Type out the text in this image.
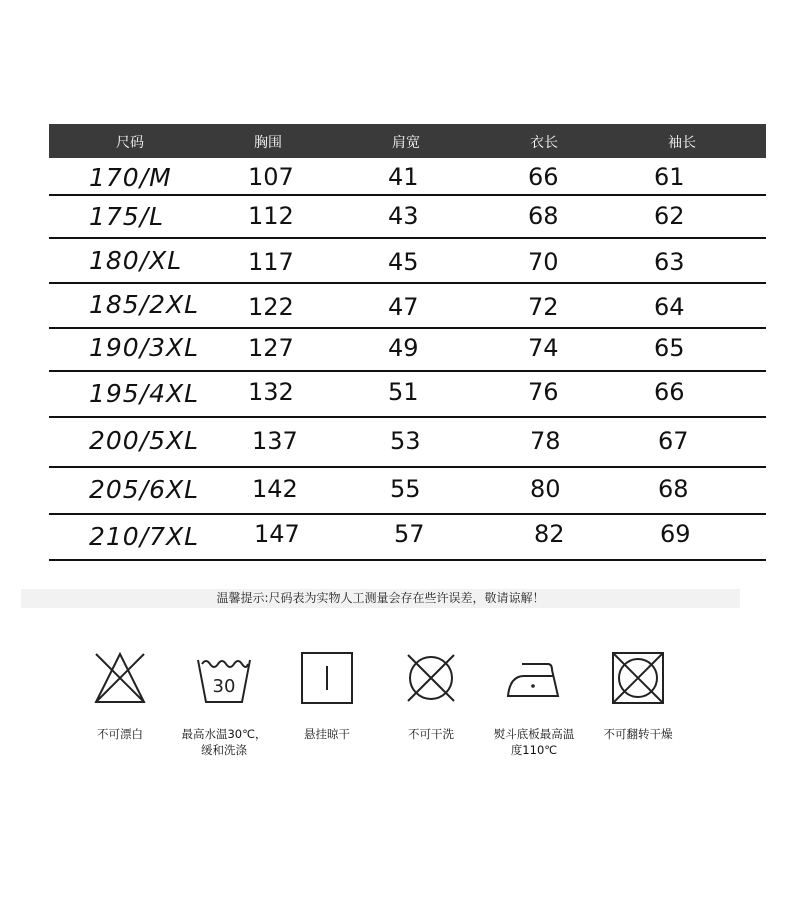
尺码	胸围	肩宽	衣长	袖长
170/M	107	41	66	61
175/L	112	43	68	62
180/XL	117	45	70	63
185/2XL 122	47	72	64
190/3XL 127	49	74	65
195/4XL 132	51	76	66
200/5XL 137	53	78	67
205/6XL 142	55	80	68
210/7XL 147	57	82	69
温馨提示:尺码表为实物人工测量会存在些许误差，敬请谅解！
不可漂白
30
最高水温30℃，缓和洗涤
悬挂晾干	不可干洗	熨斗底板最高温度110℃
不可翻转干燥
